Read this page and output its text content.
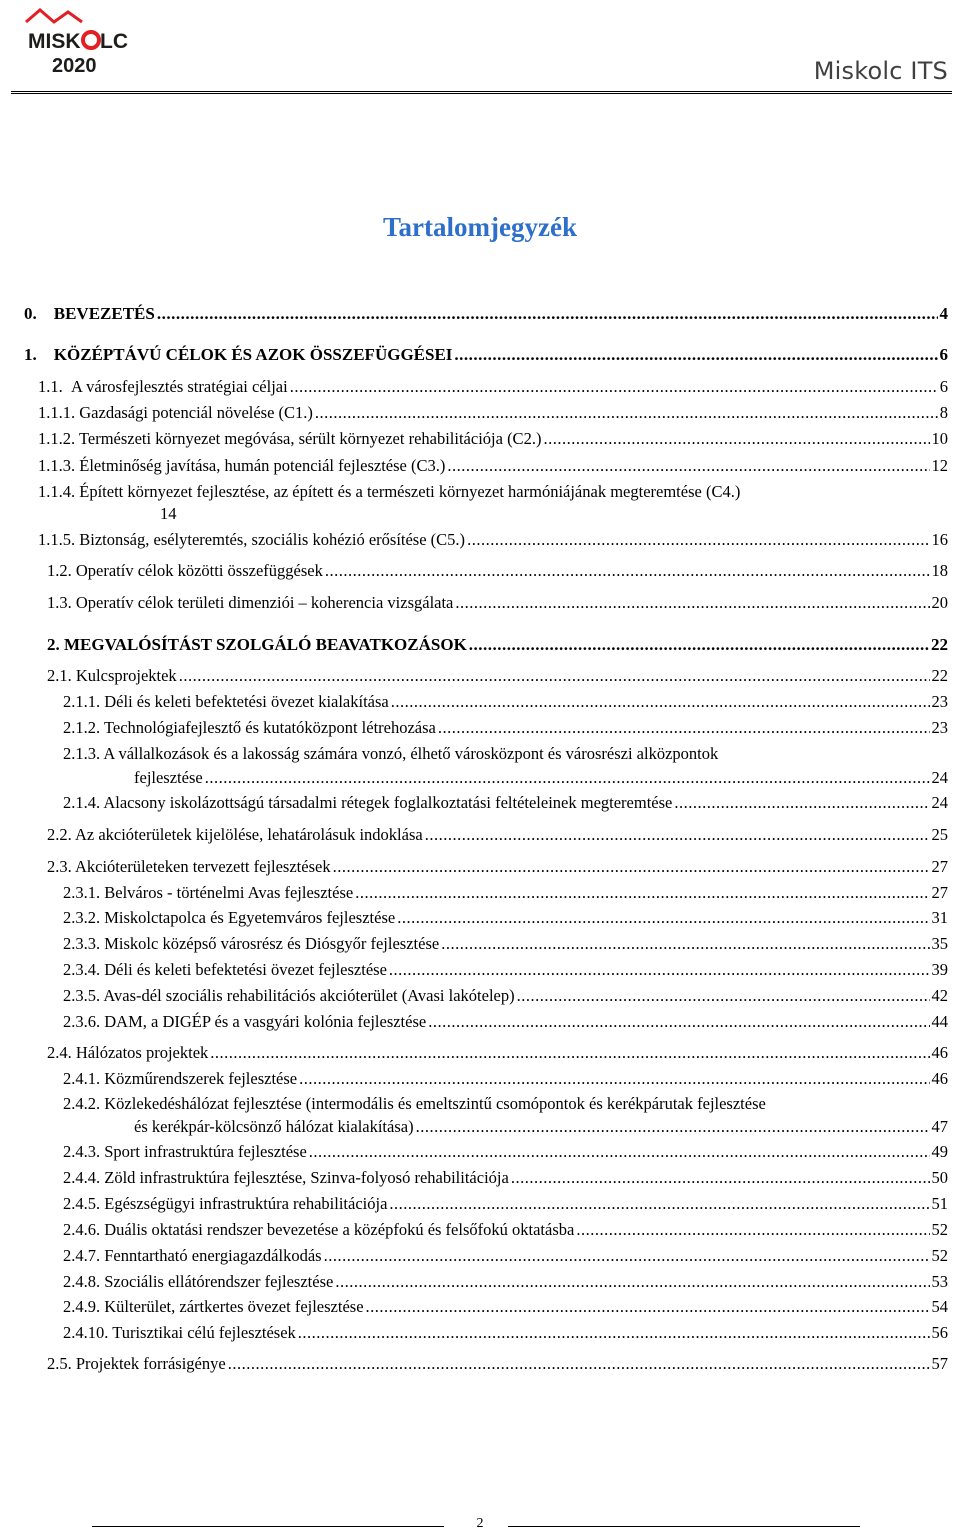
MISK LC
2020	Miskolc ITS
Tartalomjegyzék
0. BEVEZETÉS .....	4
1. KÖZÉPTÁVÚ CÉLOK ÉS AZOK ÖSSZEFÜGGÉSEI .....	6
1.1. A városfejlesztés stratégiai céljai .....	6
1.1.1. Gazdasági potenciál növelése (C1.) .....	8
1.1.2. Természeti környezet megóvása, sérült környezet rehabilitációja (C2.) .....	10
1.1.3. Életminőség javítása, humán potenciál fejlesztése (C3.) .....	12
1.1.4. Épített környezet fejlesztése, az épített és a természeti környezet harmóniájának megteremtése (C4.)
14
1.1.5. Biztonság, esélyteremtés, szociális kohézió erősítése (C5.) .....	16
1.2. Operatív célok közötti összefüggések .....	18
1.3. Operatív célok területi dimenziói – koherencia vizsgálata .....	20
2. MEGVALÓSÍTÁST SZOLGÁLÓ BEAVATKOZÁSOK .....	22
2.1. Kulcsprojektek .....	22
2.1.1. Déli és keleti befektetési övezet kialakítása .....	23
2.1.2. Technológiafejlesztő és kutatóközpont létrehozása .....	23
2.1.3. A vállalkozások és a lakosság számára vonzó, élhető városközpont és városrészi alközpontok
fejlesztése .....	24
2.1.4. Alacsony iskolázottságú társadalmi rétegek foglalkoztatási feltételeinek megteremtése .....	24
2.2. Az akcióterületek kijelölése, lehatárolásuk indoklása .....	25
2.3. Akcióterületeken tervezett fejlesztések .....	27
2.3.1. Belváros - történelmi Avas fejlesztése .....	27
2.3.2. Miskolctapolca és Egyetemváros fejlesztése .....	31
2.3.3. Miskolc középső városrész és Diósgyőr fejlesztése .....	35
2.3.4. Déli és keleti befektetési övezet fejlesztése .....	39
2.3.5. Avas-dél szociális rehabilitációs akcióterület (Avasi lakótelep) .....	42
2.3.6. DAM, a DIGÉP és a vasgyári kolónia fejlesztése .....	44
2.4. Hálózatos projektek .....	46
2.4.1. Közműrendszerek fejlesztése .....	46
2.4.2. Közlekedéshálózat fejlesztése (intermodális és emeltszintű csomópontok és kerékpárutak fejlesztése
és kerékpár-kölcsönző hálózat kialakítása) .....	47
2.4.3. Sport infrastruktúra fejlesztése .....	49
2.4.4. Zöld infrastruktúra fejlesztése, Szinva-folyosó rehabilitációja .....	50
2.4.5. Egészségügyi infrastruktúra rehabilitációja .....	51
2.4.6. Duális oktatási rendszer bevezetése a középfokú és felsőfokú oktatásba .....	52
2.4.7. Fenntartható energiagazdálkodás .....	52
2.4.8. Szociális ellátórendszer fejlesztése .....	53
2.4.9. Külterület, zártkertes övezet fejlesztése .....	54
2.4.10. Turisztikai célú fejlesztések .....	56
2.5. Projektek forrásigénye .....	57
2
